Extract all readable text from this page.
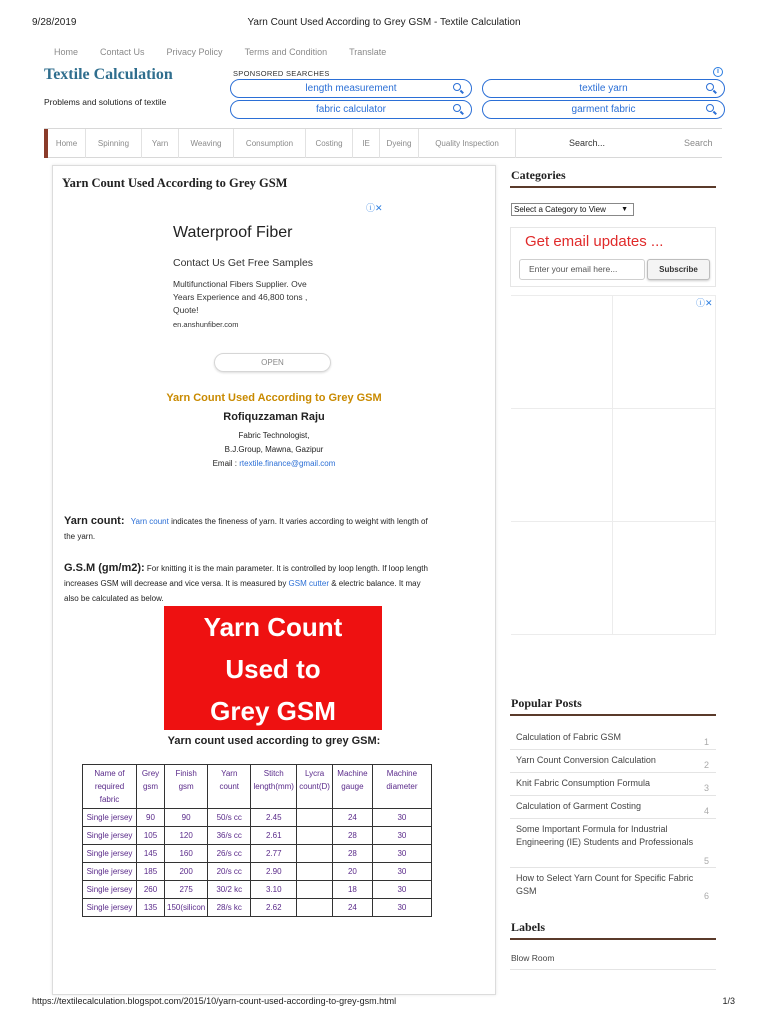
Yarn Count Used According to Grey GSM - Textile Calculation
9/28/2019
Home Contact Us Privacy Policy Terms and Condition Translate
Textile Calculation
Problems and solutions of textile
SPONSORED SEARCHES	i
length measurement	textile yarn
fabric calculator	garment fabric
Home	Spinning	Yarn	Weaving	Consumption	Costing	IE	Dyeing	Quality Inspection	Search...	Search
Yarn Count Used According to Grey GSM
ⓘ✕
Waterproof Fiber
Contact Us Get Free Samples
Multifunctional Fibers Supplier. Ove
Years Experience and 46,800 tons ,
Quote!
en.anshunfiber.com
OPEN
Yarn Count Used According to Grey GSM
Rofiquzzaman Raju
Fabric Technologist,
B.J.Group, Mawna, Gazipur
Email : rtextile.finance@gmail.com
Yarn count: Yarn count indicates the fineness of yarn. It varies according to weight with length of
the yarn.
G.S.M (gm/m2): For knitting it is the main parameter. It is controlled by loop length. If loop length
increases GSM will decrease and vice versa. It is measured by GSM cutter & electric balance. It may
also be calculated as below.
Yarn Count
Used to
Grey GSM
Yarn count used according to grey GSM:
Name of required fabric	Grey gsm	Finish gsm	Yarn count	Stitch length(mm)	Lycra count(D)	Machine gauge	Machine diameter
Single jersey	90	90	50/s cc	2.45		24	30
Single jersey	105	120	36/s cc	2.61		28	30
Single jersey	145	160	26/s cc	2.77		28	30
Single jersey	185	200	20/s cc	2.90		20	30
Single jersey	260	275	30/2 kc	3.10		18	30
Single jersey	135	150(silicon	28/s kc	2.62		24	30
Categories
Select a Category to View ▼
Get email updates ...
Enter your email here...	Subscribe
ⓘ✕
Popular Posts
Calculation of Fabric GSM	1
Yarn Count Conversion Calculation	2
Knit Fabric Consumption Formula	3
Calculation of Garment Costing	4
Some Important Formula for Industrial Engineering (IE) Students and Professionals
5
How to Select Yarn Count for Specific Fabric GSM	6
Labels
Blow Room
https://textilecalculation.blogspot.com/2015/10/yarn-count-used-according-to-grey-gsm.html	1/3
